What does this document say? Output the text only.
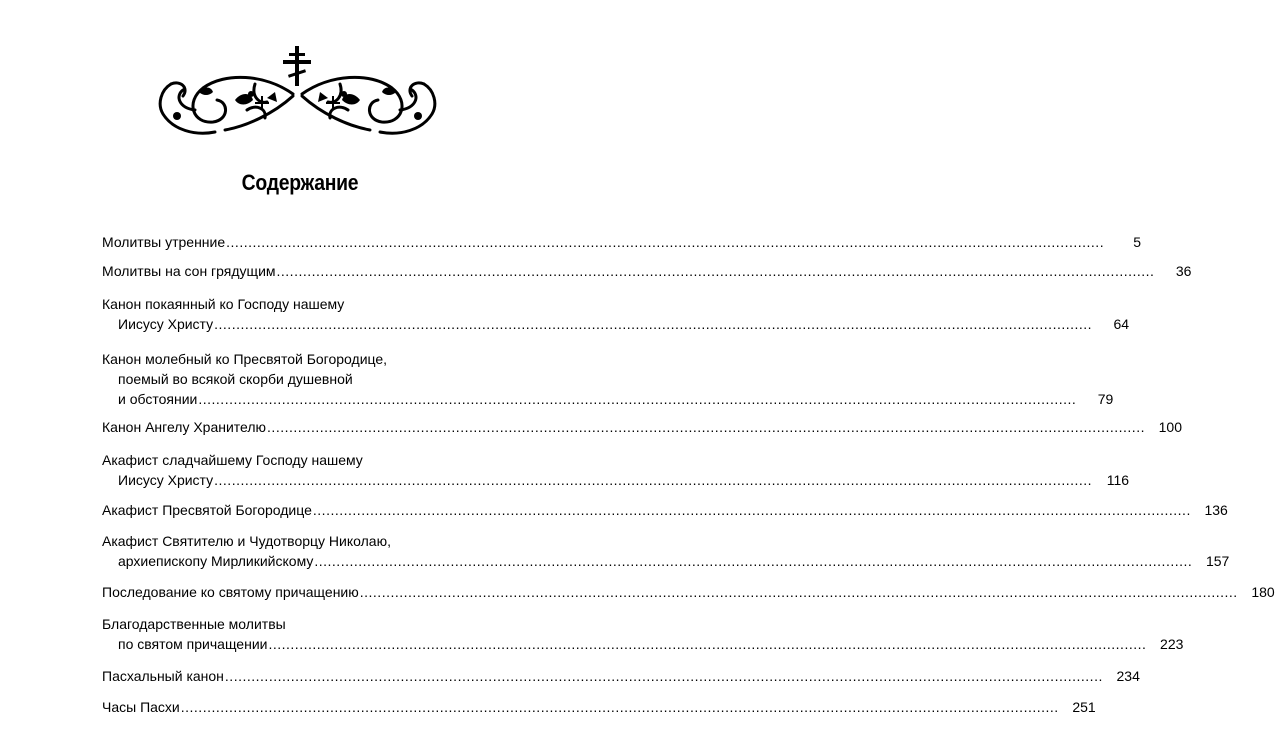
Содержание
Молитвы утренние ........................................................................................................................................................................................................	5
Молитвы на сон грядущим ........................................................................................................................................................................................................	36
Канон покаянный ко Господу нашему
Иисусу Христу ........................................................................................................................................................................................................	64
Канон молебный ко Пресвятой Богородице,
поемый во всякой скорби душевной
и обстоянии ........................................................................................................................................................................................................	79
Канон Ангелу Хранителю ........................................................................................................................................................................................................ 100
Акафист сладчайшему Господу нашему
Иисусу Христу ........................................................................................................................................................................................................	116
Акафист Пресвятой Богородице ........................................................................................................................................................................................................ 136
Акафист Святителю и Чудотворцу Николаю,
архиепископу Мирликийскому ........................................................................................................................................................................................................ 157
Последование ко святому причащению ........................................................................................................................................................................................................ 180
Благодарственные молитвы
по святом причащении ........................................................................................................................................................................................................ 223
Пасхальный канон ........................................................................................................................................................................................................ 234
Часы Пасхи ........................................................................................................................................................................................................ 251
